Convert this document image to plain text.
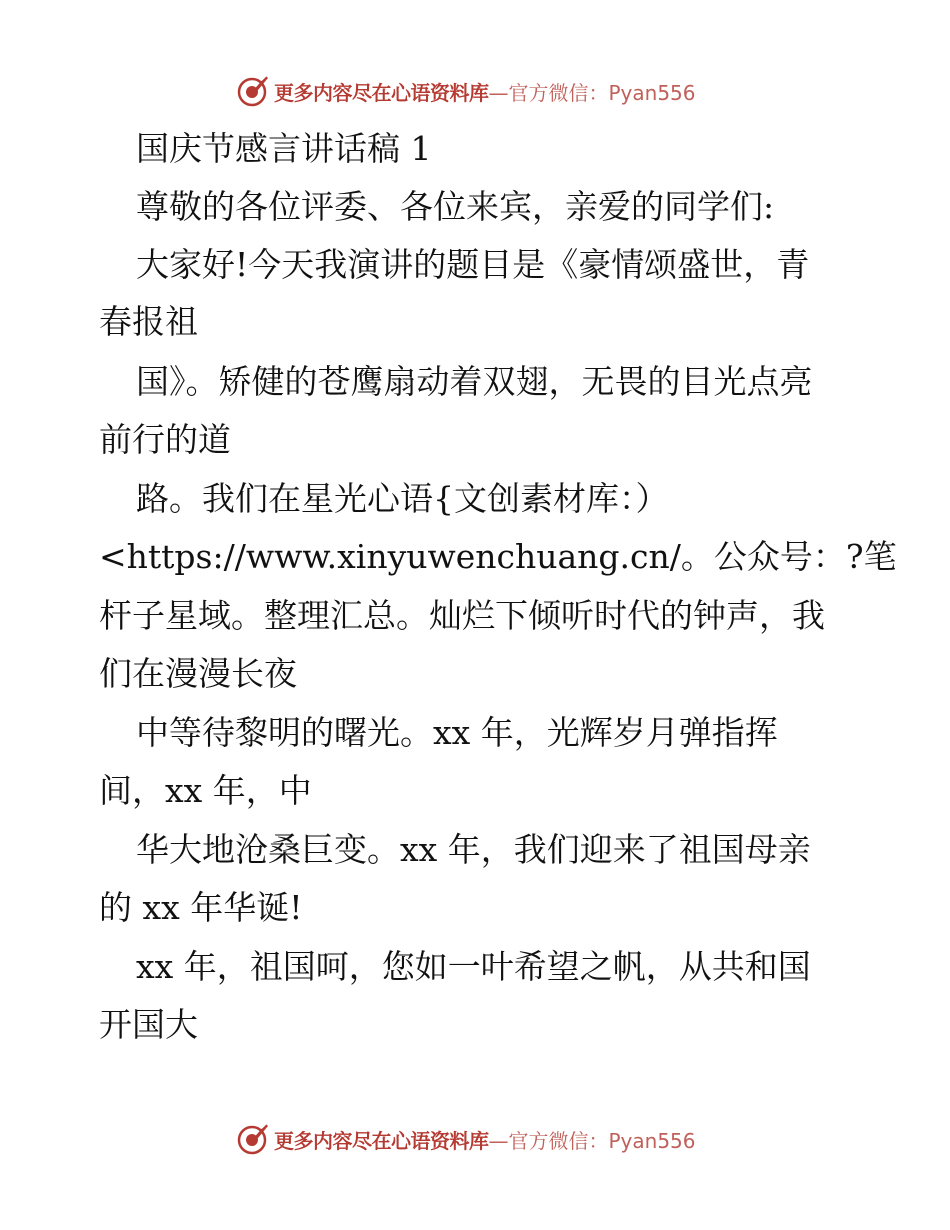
更多内容尽在心语资料库 —官方微信：Pyan556
国庆节感言讲话稿 1
尊敬的各位评委、各位来宾，亲爱的同学们:
大家好!今天我演讲的题目是《豪情颂盛世，青
春报祖
国》。矫健的苍鹰扇动着双翅，无畏的目光点亮
前行的道
路。我们在星光心语{文创素材库：）
<https://www.xinyuwenchuang.cn/。公众号：?笔
杆子星域。整理汇总。灿烂下倾听时代的钟声，我
们在漫漫长夜
中等待黎明的曙光。xx 年，光辉岁月弹指挥
间，xx 年，中
华大地沧桑巨变。xx 年，我们迎来了祖国母亲
的 xx 年华诞!
xx 年，祖国呵，您如一叶希望之帆，从共和国
开国大
更多内容尽在心语资料库 —官方微信：Pyan556
